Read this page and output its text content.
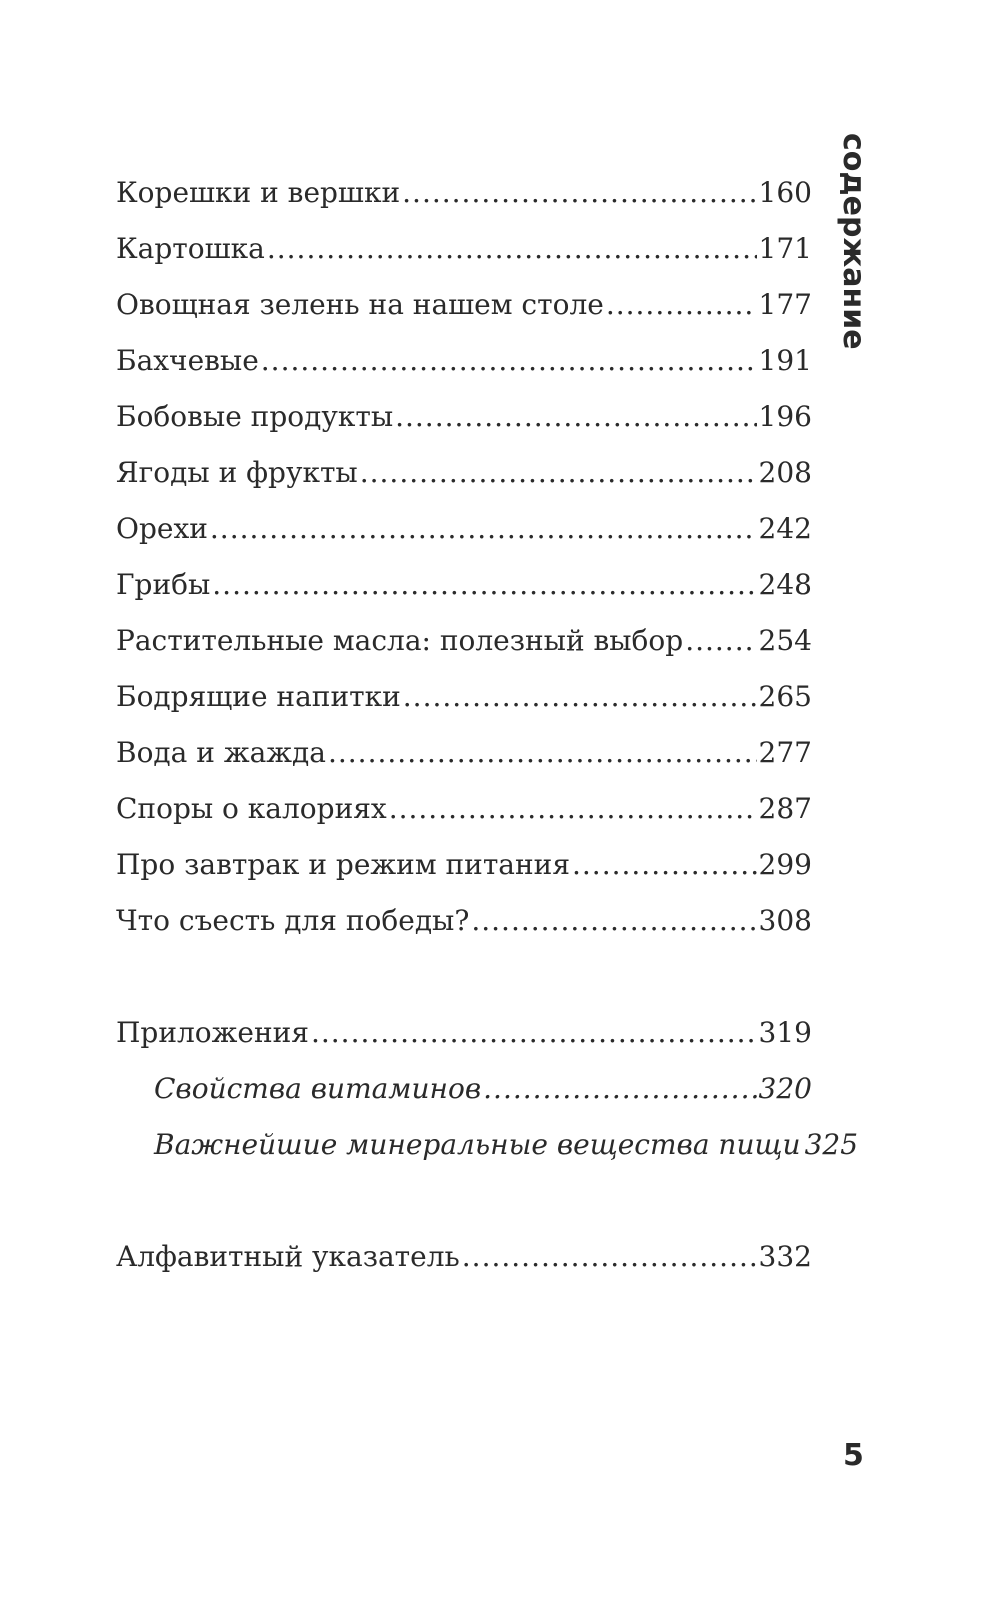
содержание
Корешки и вершки .....	160
Картошка .....	171
Овощная зелень на нашем столе .....	177
Бахчевые .....	191
Бобовые продукты .....	196
Ягоды и фрукты .....	208
Орехи .....	242
Грибы .....	248
Растительные масла: полезный выбор .....	254
Бодрящие напитки .....	265
Вода и жажда .....	277
Споры о калориях .....	287
Про завтрак и режим питания .....	299
Что съесть для победы? .....	308
Приложения .....	319
Свойства витаминов .....	320
Важнейшие минеральные вещества пищи 325
Алфавитный указатель .....	332
5
